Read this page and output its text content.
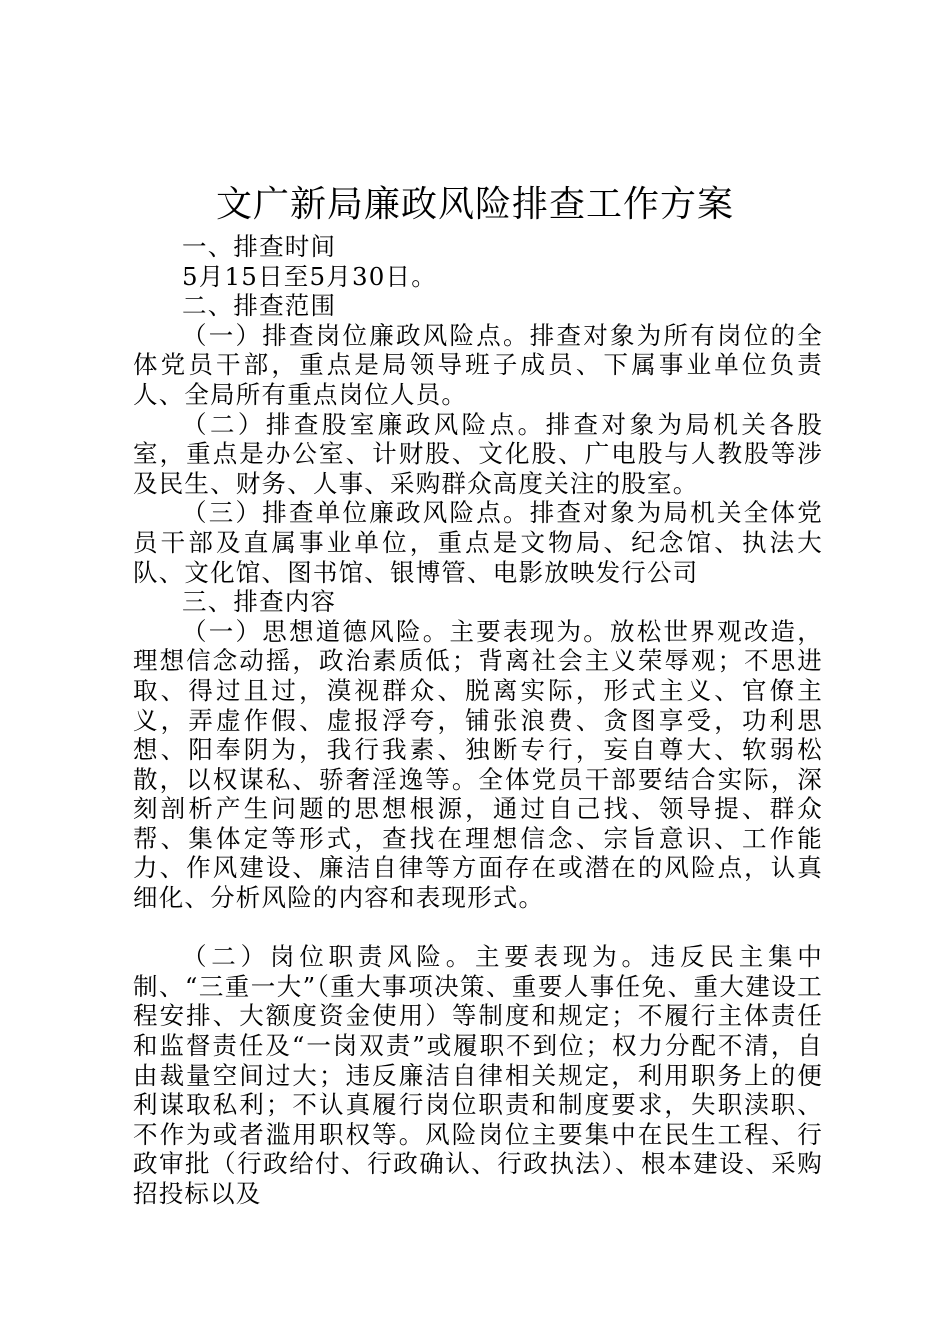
文广新局廉政风险排查工作方案

一、排查时间

5月15日至5月30日。

二、排查范围

（一）排查岗位廉政风险点。排查对象为所有岗位的全体党员干部，重点是局领导班子成员、下属事业单位负责人、全局所有重点岗位人员。

（二）排查股室廉政风险点。排查对象为局机关各股室，重点是办公室、计财股、文化股、广电股与人教股等涉及民生、财务、人事、采购群众高度关注的股室。

（三）排查单位廉政风险点。排查对象为局机关全体党员干部及直属事业单位，重点是文物局、纪念馆、执法大队、文化馆、图书馆、银博管、电影放映发行公司

三、排查内容

（一）思想道德风险。主要表现为。放松世界观改造，理想信念动摇，政治素质低；背离社会主义荣辱观；不思进取、得过且过，漠视群众、脱离实际，形式主义、官僚主义，弄虚作假、虚报浮夸，铺张浪费、贪图享受，功利思想、阳奉阴为，我行我素、独断专行，妄自尊大、软弱松散，以权谋私、骄奢淫逸等。全体党员干部要结合实际，深刻剖析产生问题的思想根源，通过自己找、领导提、群众帮、集体定等形式，查找在理想信念、宗旨意识、工作能力、作风建设、廉洁自律等方面存在或潜在的风险点，认真细化、分析风险的内容和表现形式。

（二）岗位职责风险。主要表现为。违反民主集中制、“三重一大”（重大事项决策、重要人事任免、重大建设工程安排、大额度资金使用）等制度和规定；不履行主体责任和监督责任及“一岗双责”或履职不到位；权力分配不清，自由裁量空间过大；违反廉洁自律相关规定，利用职务上的便利谋取私利；不认真履行岗位职责和制度要求，失职渎职、不作为或者滥用职权等。风险岗位主要集中在民生工程、行政审批（行政给付、行政确认、行政执法）、根本建设、采购招投标以及
